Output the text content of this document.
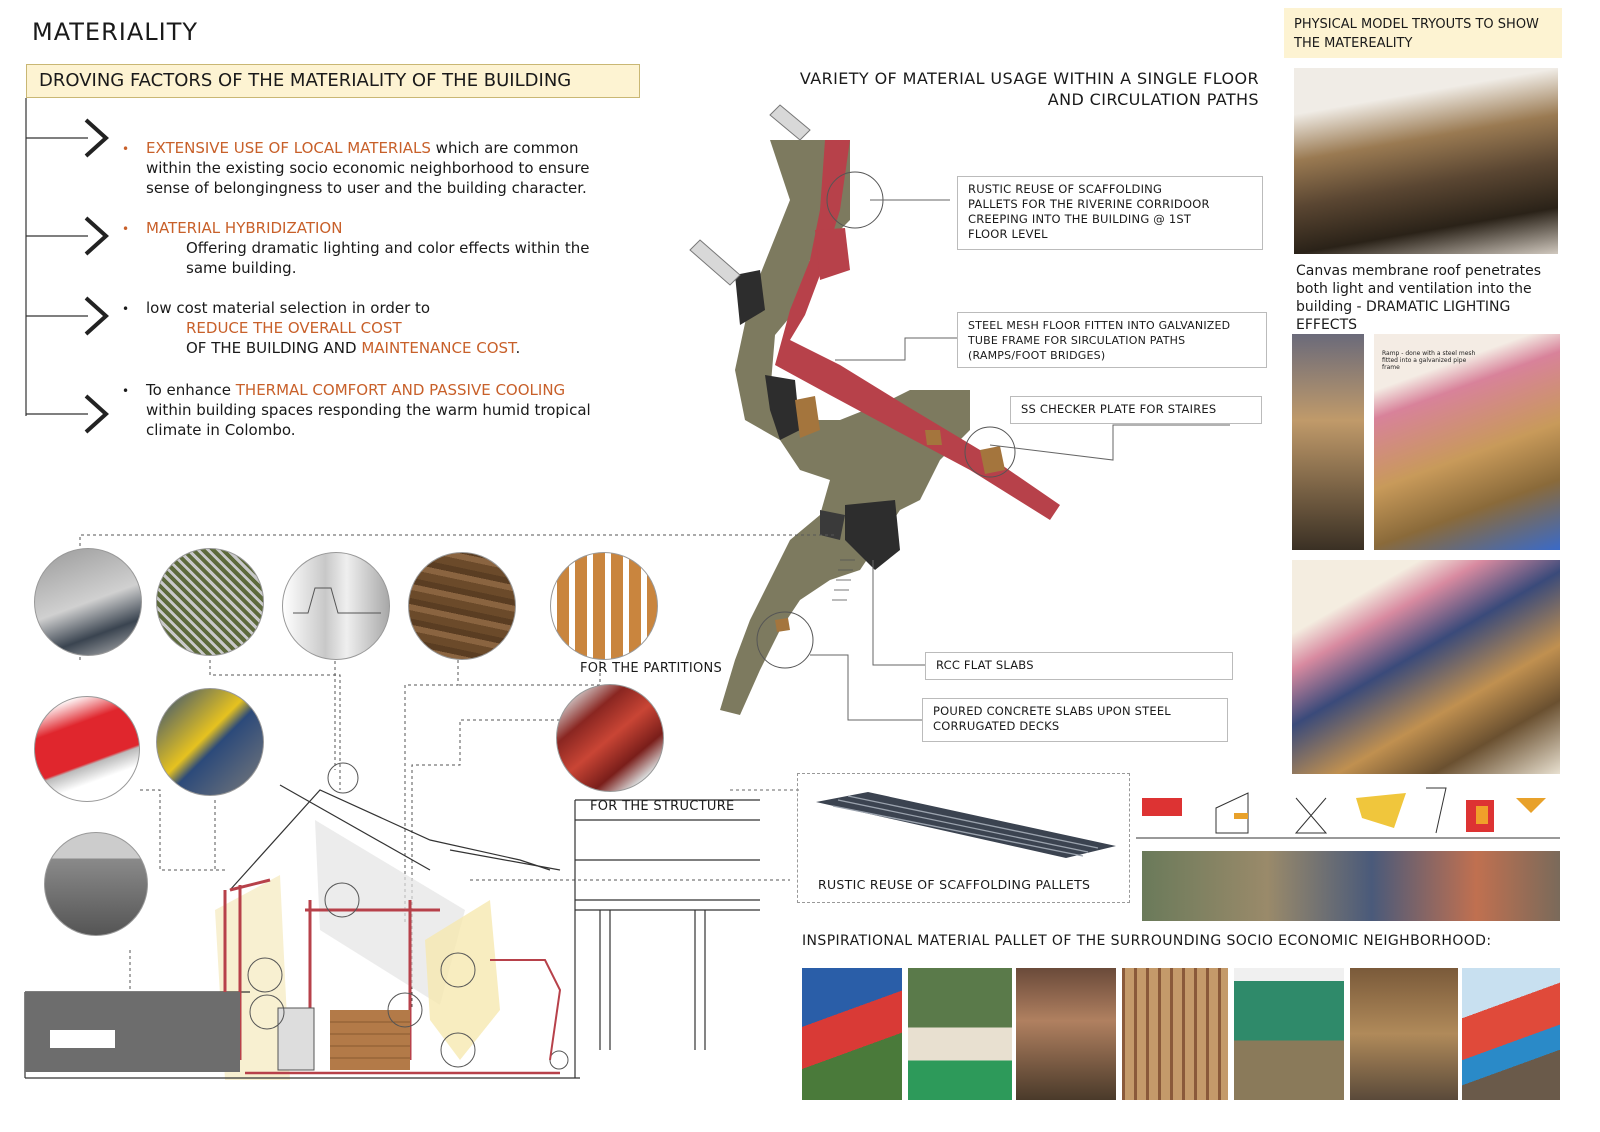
MATERIALITY
DROVING FACTORS OF THE MATERIALITY OF THE BUILDING
• EXTENSIVE USE OF LOCAL MATERIALS which are common
within the existing socio economic neighborhood to ensure
sense of belongingness to user and the building character.
• MATERIAL HYBRIDIZATION
Offering dramatic lighting and color effects within the
same building.
• low cost material selection in order to
REDUCE THE OVERALL COST
OF THE BUILDING AND MAINTENANCE COST.
• To enhance THERMAL COMFORT AND PASSIVE COOLING
within building spaces responding the warm humid tropical
climate in Colombo.
VARIETY OF MATERIAL USAGE WITHIN A SINGLE FLOOR
AND CIRCULATION PATHS
RUSTIC REUSE OF SCAFFOLDING
PALLETS FOR THE RIVERINE CORRIDOOR
CREEPING INTO THE BUILDING @ 1ST
FLOOR LEVEL
STEEL MESH FLOOR FITTEN INTO GALVANIZED
TUBE FRAME FOR SIRCULATION PATHS
(RAMPS/FOOT BRIDGES)
SS CHECKER PLATE FOR STAIRES
RCC FLAT SLABS
POURED CONCRETE SLABS UPON STEEL
CORRUGATED DECKS
FOR THE PARTITIONS
FOR THE STRUCTURE
RUSTIC REUSE OF SCAFFOLDING PALLETS
INSPIRATIONAL MATERIAL PALLET OF THE SURROUNDING SOCIO ECONOMIC NEIGHBORHOOD:
PHYSICAL MODEL TRYOUTS TO SHOW THE MATEREALITY
Canvas membrane roof penetrates both light and ventilation into the building - DRAMATIC LIGHTING EFFECTS
Ramp - done with a steel mesh fitted into a galvanized pipe frame
